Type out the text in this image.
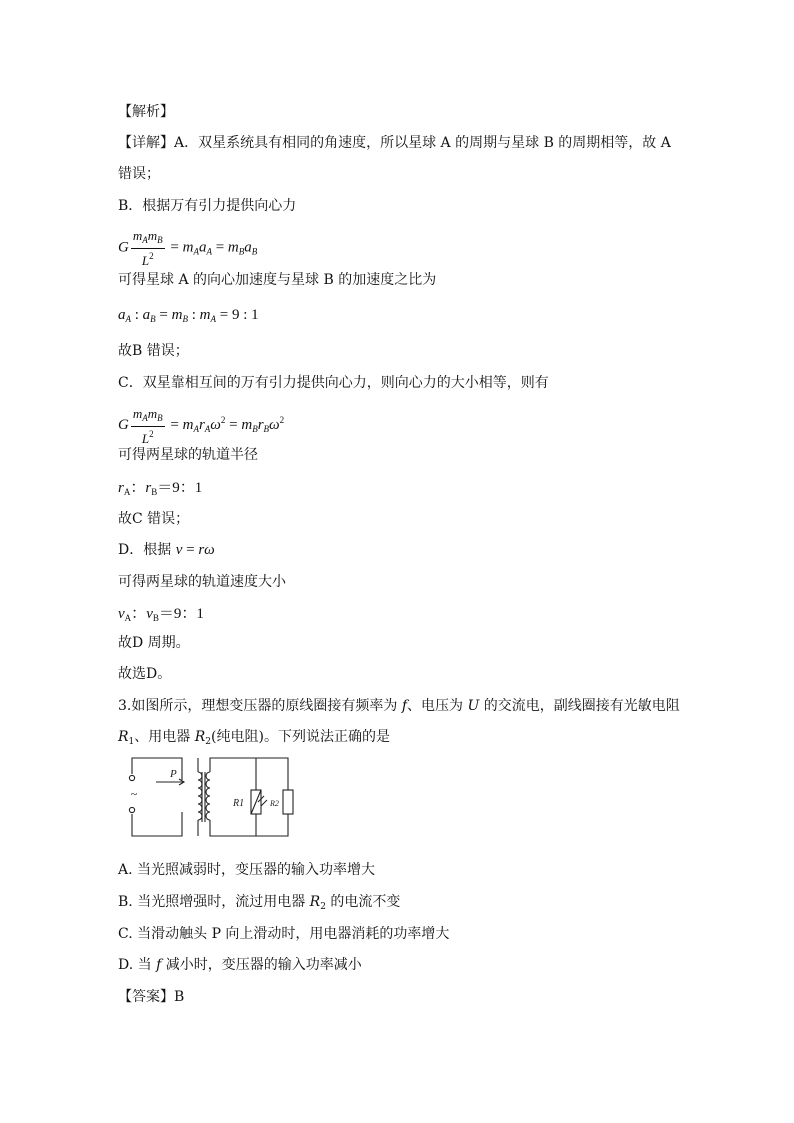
【解析】
【详解】A．双星系统具有相同的角速度，所以星球 A 的周期与星球 B 的周期相等，故 A
错误；
B．根据万有引力提供向心力
G $\frac{m_Am_B}{L^2} = m_Aa_A = m_Ba_B$
可得星球 A 的向心加速度与星球 B 的加速度之比为
$a_A$ : $a_B = m_B$ : $m_A = 9$ : 1
故B 错误；
C．双星靠相互间的万有引力提供向心力，则向心力的大小相等，则有
G $\frac{m_Am_B}{L^2} = m_Ar_A\omega^2 = m_Br_B\omega^2$
可得两星球的轨道半径
$r_A$：$r_B=9$：1
故C 错误；
D．根据 v = rω
可得两星球的轨道速度大小
$v_A$：$v_B=9$：1
故D 周期。
故选D。
3.如图所示，理想变压器的原线圈接有频率为 f、电压为 U 的交流电，副线圈接有光敏电阻
$R_1$、用电器 $R_2$(纯电阻)。下列说法正确的是
~
P
R1	R2
A. 当光照减弱时，变压器的输入功率增大
B. 当光照增强时，流过用电器 $R_2$ 的电流不变
C. 当滑动触头 P 向上滑动时，用电器消耗的功率增大
D. 当 f 减小时，变压器的输入功率减小
【答案】B
